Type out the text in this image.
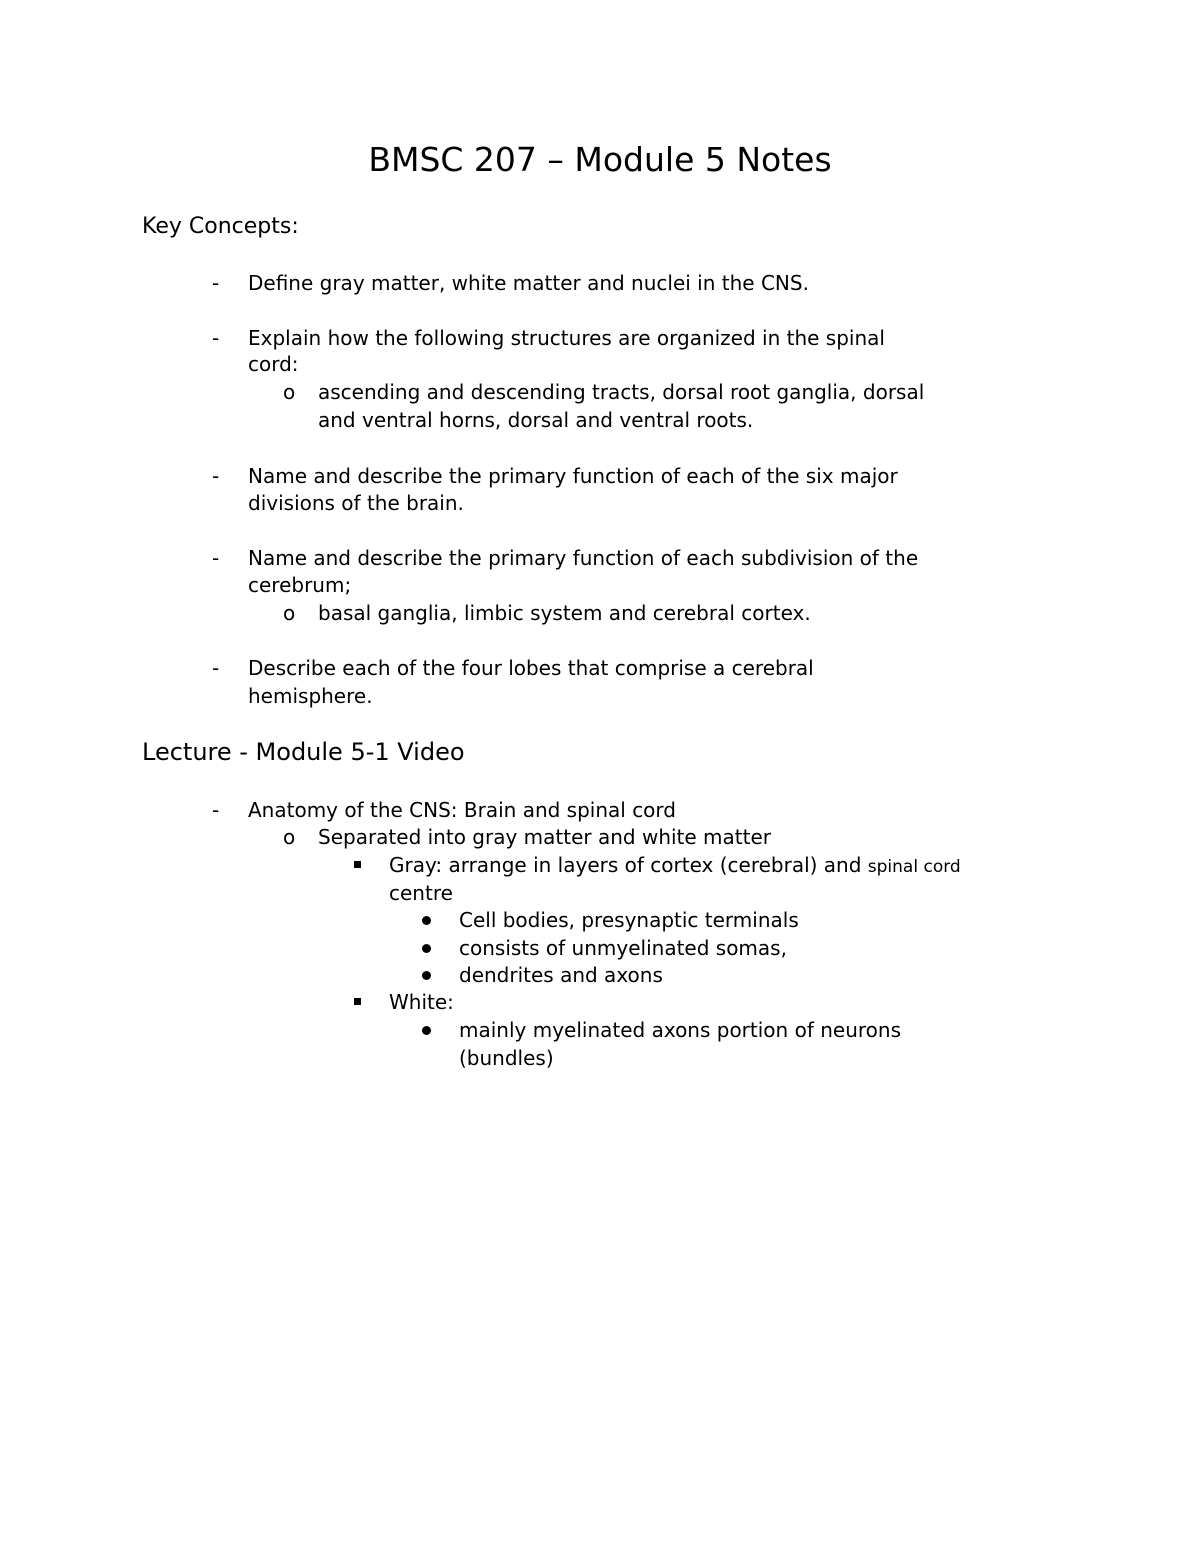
BMSC 207 – Module 5 Notes
Key Concepts:
- Define gray matter, white matter and nuclei in the CNS.
- Explain how the following structures are organized in the spinal
cord:
o ascending and descending tracts, dorsal root ganglia, dorsal
and ventral horns, dorsal and ventral roots.
- Name and describe the primary function of each of the six major
divisions of the brain.
- Name and describe the primary function of each subdivision of the
cerebrum;
o basal ganglia, limbic system and cerebral cortex.
- Describe each of the four lobes that comprise a cerebral
hemisphere.
Lecture - Module 5-1 Video
- Anatomy of the CNS: Brain and spinal cord
o Separated into gray matter and white matter
Gray: arrange in layers of cortex (cerebral) and spinal cord
centre
Cell bodies, presynaptic terminals
consists of unmyelinated somas,
dendrites and axons
White:
mainly myelinated axons portion of neurons
(bundles)
